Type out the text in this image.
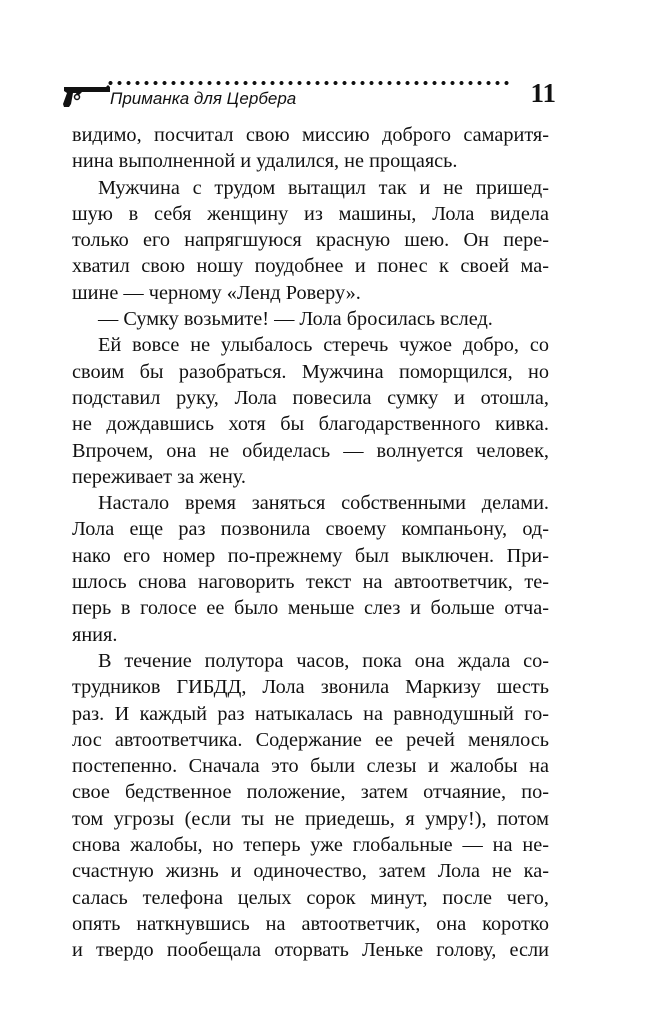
Приманка для Цербера	11
видимо, посчитал свою миссию доброго самаритя-
нина выполненной и удалился, не прощаясь.
Мужчина с трудом вытащил так и не пришед-
шую в себя женщину из машины, Лола видела
только его напрягшуюся красную шею. Он пере-
хватил свою ношу поудобнее и понес к своей ма-
шине — черному «Ленд Роверу».
— Сумку возьмите! — Лола бросилась вслед.
Ей вовсе не улыбалось стеречь чужое добро, со
своим бы разобраться. Мужчина поморщился, но
подставил руку, Лола повесила сумку и отошла,
не дождавшись хотя бы благодарственного кивка.
Впрочем, она не обиделась — волнуется человек,
переживает за жену.
Настало время заняться собственными делами.
Лола еще раз позвонила своему компаньону, од-
нако его номер по-прежнему был выключен. При-
шлось снова наговорить текст на автоответчик, те-
перь в голосе ее было меньше слез и больше отча-
яния.
В течение полутора часов, пока она ждала со-
трудников ГИБДД, Лола звонила Маркизу шесть
раз. И каждый раз натыкалась на равнодушный го-
лос автоответчика. Содержание ее речей менялось
постепенно. Сначала это были слезы и жалобы на
свое бедственное положение, затем отчаяние, по-
том угрозы (если ты не приедешь, я умру!), потом
снова жалобы, но теперь уже глобальные — на не-
счастную жизнь и одиночество, затем Лола не ка-
салась телефона целых сорок минут, после чего,
опять наткнувшись на автоответчик, она коротко
и твердо пообещала оторвать Леньке голову, если
